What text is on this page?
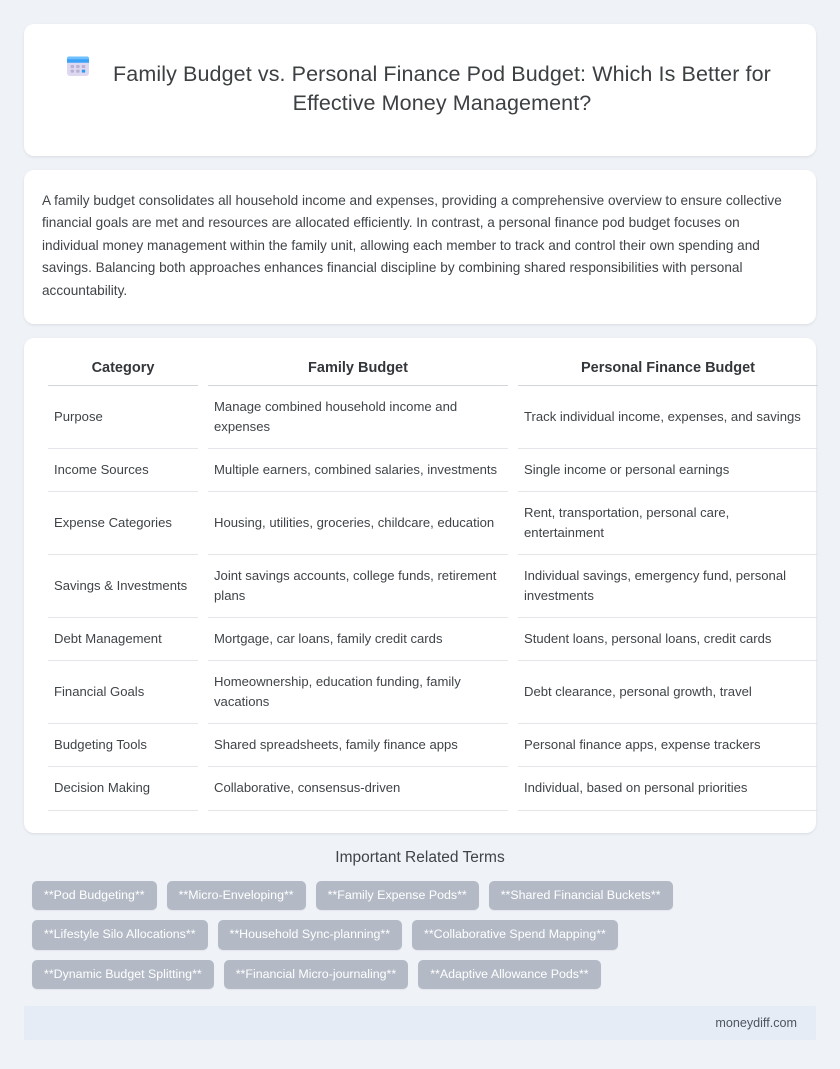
Family Budget vs. Personal Finance Pod Budget: Which Is Better for Effective Money Management?

A family budget consolidates all household income and expenses, providing a comprehensive overview to ensure collective financial goals are met and resources are allocated efficiently. In contrast, a personal finance pod budget focuses on individual money management within the family unit, allowing each member to track and control their own spending and savings. Balancing both approaches enhances financial discipline by combining shared responsibilities with personal accountability.

Category	Family Budget	Personal Finance Budget
Purpose	Manage combined household income and expenses	Track individual income, expenses, and savings
Income Sources	Multiple earners, combined salaries, investments	Single income or personal earnings
Expense Categories	Housing, utilities, groceries, childcare, education	Rent, transportation, personal care, entertainment
Savings & Investments	Joint savings accounts, college funds, retirement plans	Individual savings, emergency fund, personal investments
Debt Management	Mortgage, car loans, family credit cards	Student loans, personal loans, credit cards
Financial Goals	Homeownership, education funding, family vacations	Debt clearance, personal growth, travel
Budgeting Tools	Shared spreadsheets, family finance apps	Personal finance apps, expense trackers
Decision Making	Collaborative, consensus-driven	Individual, based on personal priorities
Important Related Terms
**Pod Budgeting**	**Micro-Enveloping**	**Family Expense Pods**	**Shared Financial Buckets**
**Lifestyle Silo Allocations**	**Household Sync-planning**	**Collaborative Spend Mapping**
**Dynamic Budget Splitting**	**Financial Micro-journaling**	**Adaptive Allowance Pods**
moneydiff.com
